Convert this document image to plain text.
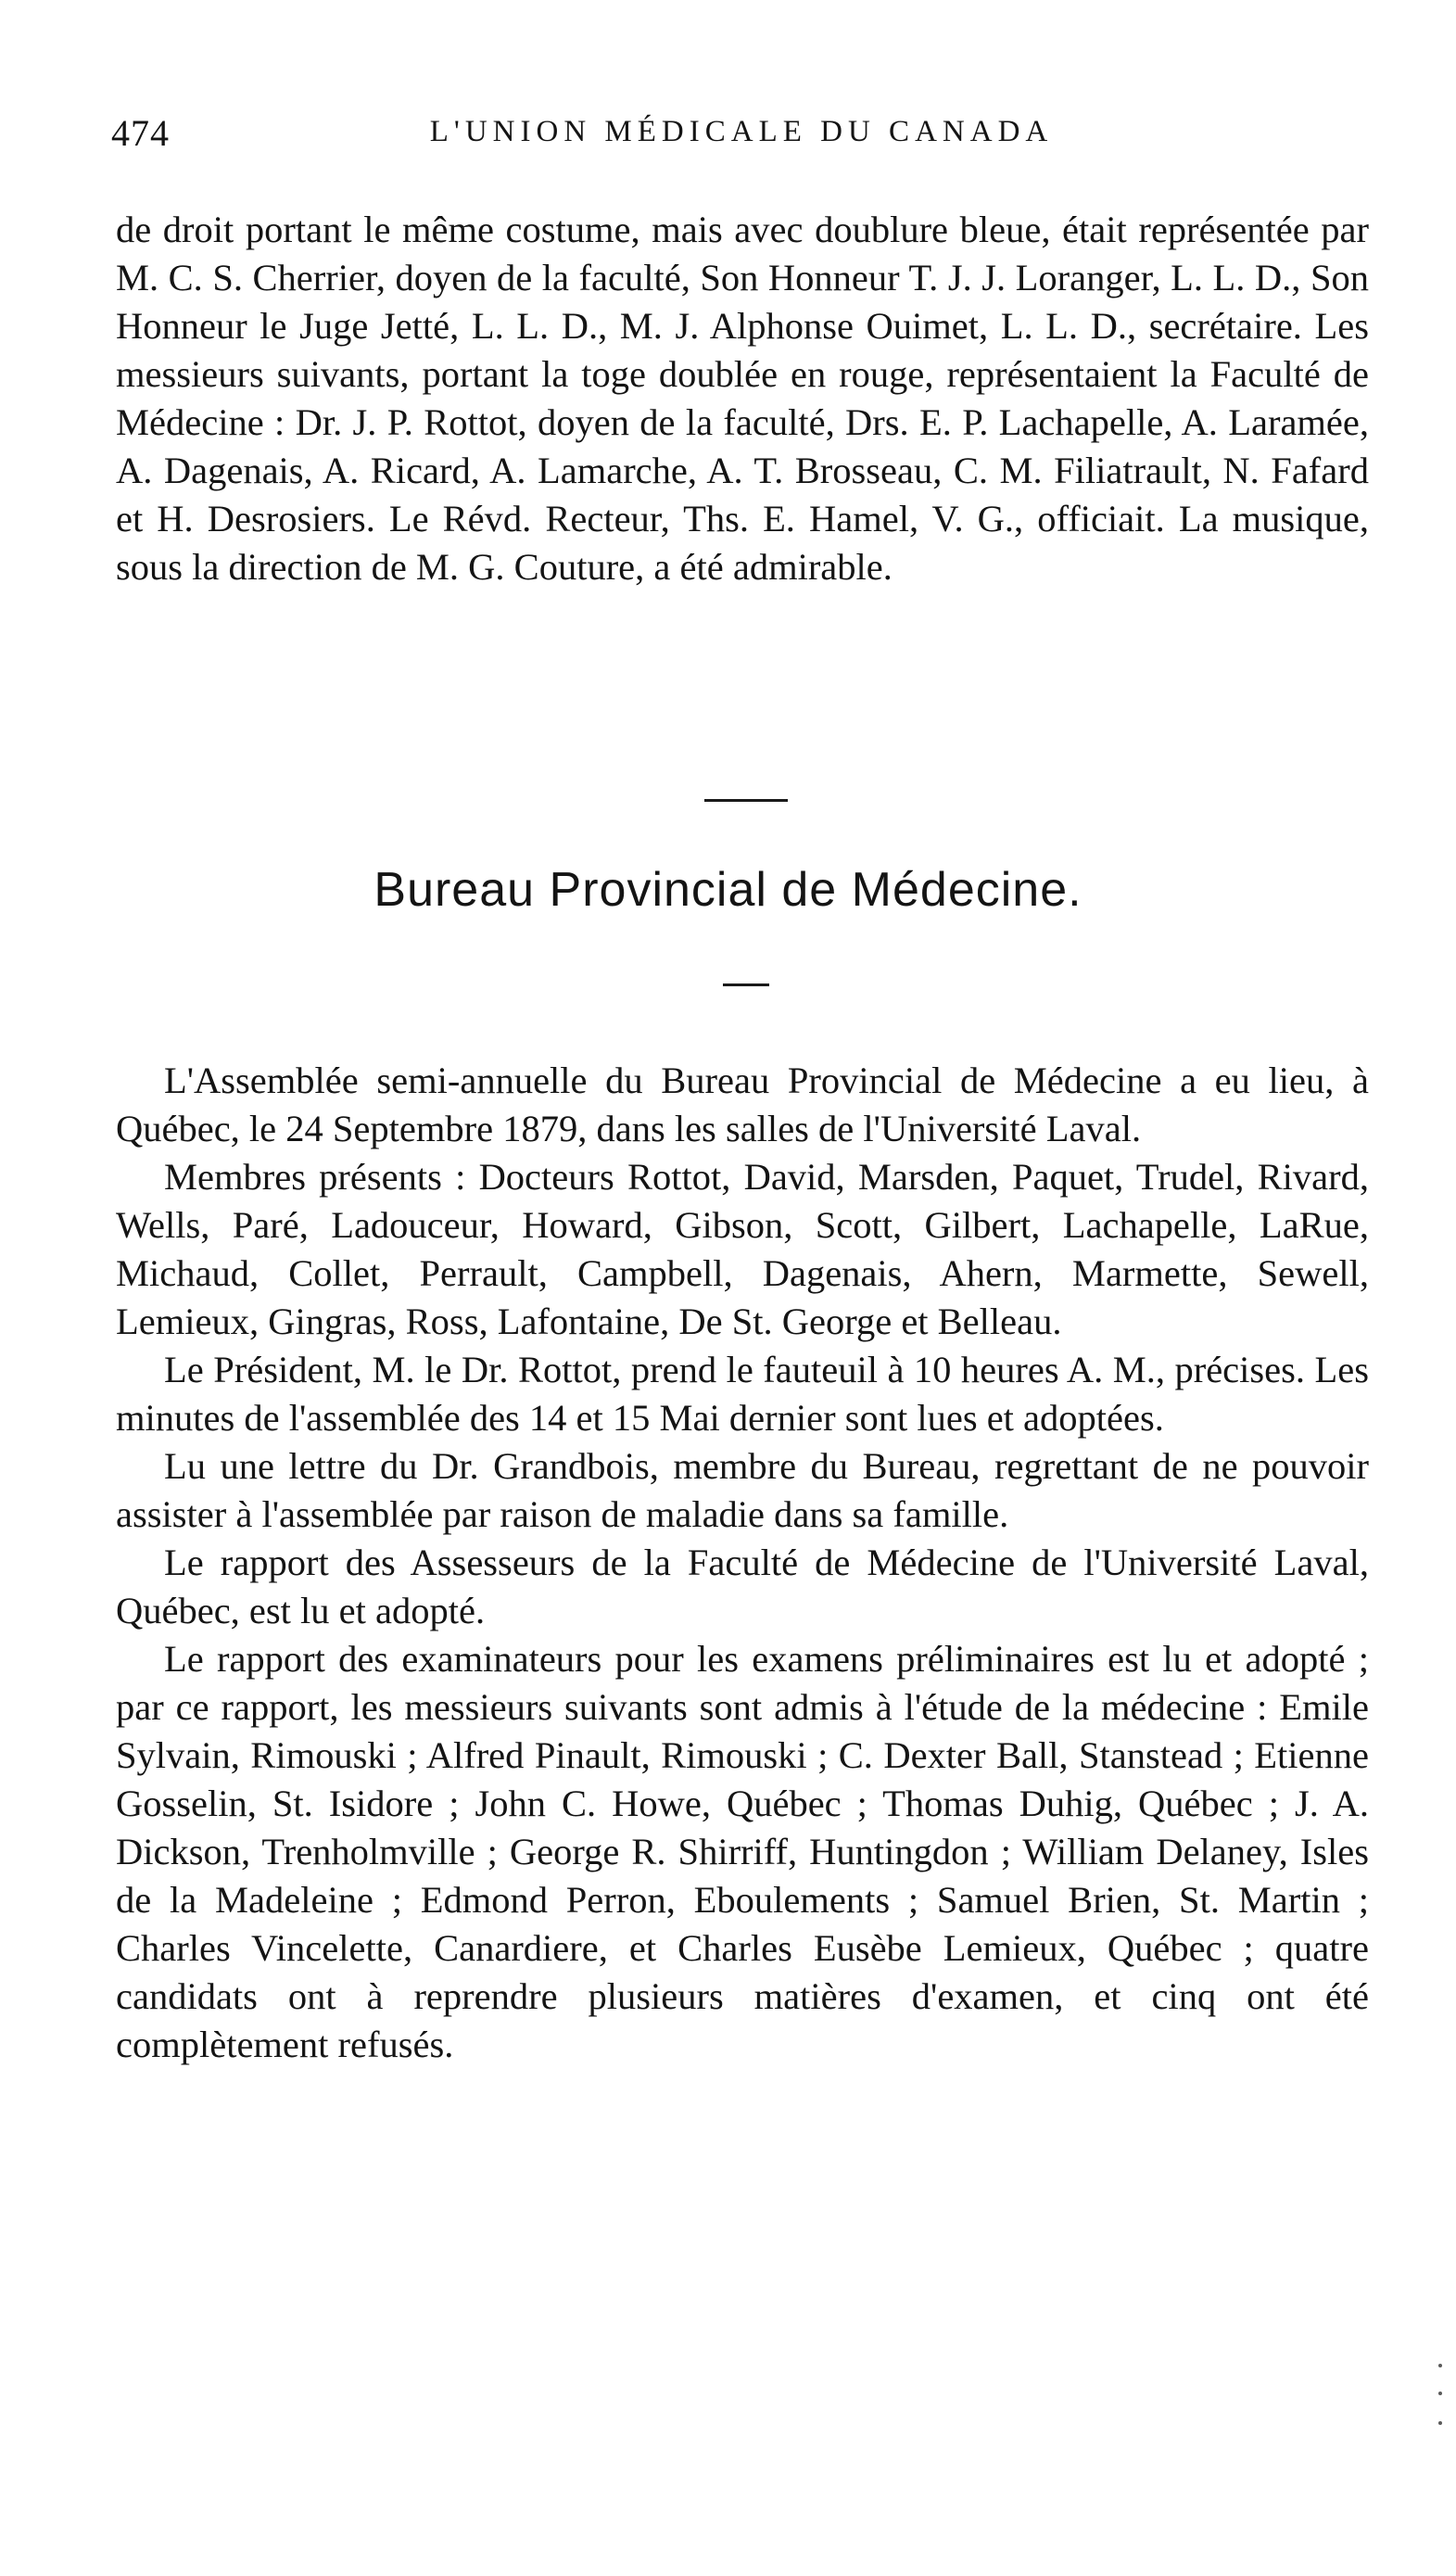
474	L'UNION MÉDICALE DU CANADA

de droit portant le même costume, mais avec doublure bleue, était représentée par M. C. S. Cherrier, doyen de la faculté, Son Honneur T. J. J. Loranger, L. L. D., Son Honneur le Juge Jetté, L. L. D., M. J. Alphonse Ouimet, L. L. D., secrétaire. Les messieurs suivants, portant la toge doublée en rouge, représentaient la Faculté de Médecine : Dr. J. P. Rottot, doyen de la faculté, Drs. E. P. Lachapelle, A. Laramée, A. Dagenais, A. Ricard, A. Lamarche, A. T. Brosseau, C. M. Filiatrault, N. Fafard et H. Desrosiers. Le Révd. Recteur, Ths. E. Hamel, V. G., officiait. La musique, sous la direction de M. G. Couture, a été admirable.

Bureau Provincial de Médecine.

L'Assemblée semi-annuelle du Bureau Provincial de Médecine a eu lieu, à Québec, le 24 Septembre 1879, dans les salles de l'Université Laval.

Membres présents : Docteurs Rottot, David, Marsden, Paquet, Trudel, Rivard, Wells, Paré, Ladouceur, Howard, Gibson, Scott, Gilbert, Lachapelle, LaRue, Michaud, Collet, Perrault, Campbell, Dagenais, Ahern, Marmette, Sewell, Lemieux, Gingras, Ross, Lafontaine, De St. George et Belleau.

Le Président, M. le Dr. Rottot, prend le fauteuil à 10 heures A. M., précises. Les minutes de l'assemblée des 14 et 15 Mai dernier sont lues et adoptées.

Lu une lettre du Dr. Grandbois, membre du Bureau, regrettant de ne pouvoir assister à l'assemblée par raison de maladie dans sa famille.

Le rapport des Assesseurs de la Faculté de Médecine de l'Université Laval, Québec, est lu et adopté.

Le rapport des examinateurs pour les examens préliminaires est lu et adopté ; par ce rapport, les messieurs suivants sont admis à l'étude de la médecine : Emile Sylvain, Rimouski ; Alfred Pinault, Rimouski ; C. Dexter Ball, Stanstead ; Etienne Gosselin, St. Isidore ; John C. Howe, Québec ; Thomas Duhig, Québec ; J. A. Dickson, Trenholmville ; George R. Shirriff, Huntingdon ; William Delaney, Isles de la Madeleine ; Edmond Perron, Eboulements ; Samuel Brien, St. Martin ; Charles Vincelette, Canardiere, et Charles Eusèbe Lemieux, Québec ; quatre candidats ont à reprendre plusieurs matières d'examen, et cinq ont été complètement refusés.
